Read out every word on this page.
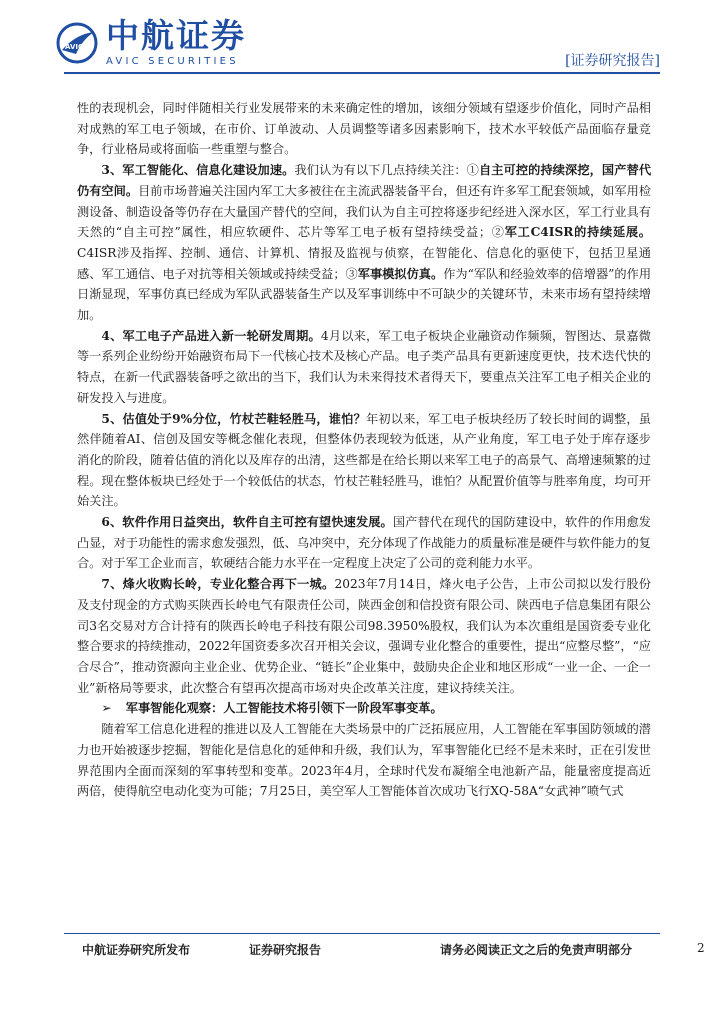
AVIC 中航证券
AVIC SECURITIES	[证券研究报告]

性的表现机会，同时伴随相关行业发展带来的未来确定性的增加，该细分领域有望逐步价值化，同时产品相对成熟的军工电子领域，在市价、订单波动、人员调整等诸多因素影响下，技术水平较低产品面临存量竞争，行业格局或将面临一些重塑与整合。

3、军工智能化、信息化建设加速。我们认为有以下几点持续关注：①自主可控的持续深挖，国产替代仍有空间。目前市场普遍关注国内军工大多被往在主流武器装备平台，但还有许多军工配套领域，如军用检测设备、制造设备等仍存在大量国产替代的空间，我们认为自主可控将逐步纪经进入深水区，军工行业具有天然的“自主可控”属性，相应软硬件、芯片等军工电子板有望持续受益；②军工C4ISR的持续延展。C4ISR涉及指挥、控制、通信、计算机、情报及监视与侦察，在智能化、信息化的驱使下，包括卫星通感、军工通信、电子对抗等相关领域或持续受益；③军事模拟仿真。作为“军队和经验效率的倍增器”的作用日渐显现，军事仿真已经成为军队武器装备生产以及军事训练中不可缺少的关键环节，未来市场有望持续增加。

4、军工电子产品进入新一轮研发周期。4月以来，军工电子板块企业融资动作频频，智图达、景嘉微等一系列企业纷纷开始融资布局下一代核心技术及核心产品。电子类产品具有更新速度更快，技术迭代快的特点，在新一代武器装备呼之欲出的当下，我们认为未来得技术者得天下，要重点关注军工电子相关企业的研发投入与进度。

5、估值处于9%分位，竹杖芒鞋轻胜马，谁怕？年初以来，军工电子板块经历了较长时间的调整，虽然伴随着AI、信创及国安等概念催化表现，但整体仍表现较为低迷，从产业角度，军工电子处于库存逐步消化的阶段，随着估值的消化以及库存的出清，这些都是在给长期以来军工电子的高景气、高增速频繁的过程。现在整体板块已经处于一个较低估的状态，竹杖芒鞋轻胜马，谁怕？从配置价值等与胜率角度，均可开始关注。

6、软件作用日益突出，软件自主可控有望快速发展。国产替代在现代的国防建设中，软件的作用愈发凸显，对于功能性的需求愈发强烈，低、乌冲突中，充分体现了作战能力的质量标准是硬件与软件能力的复合。对于军工企业而言，软硬结合能力水平在一定程度上决定了公司的竞利能力水平。

7、烽火收购长岭，专业化整合再下一城。2023年7月14日，烽火电子公告，上市公司拟以发行股份及支付现金的方式购买陕西长岭电气有限责任公司，陕西金创和信投资有限公司、陕西电子信息集团有限公司3名交易对方合计持有的陕西长岭电子科技有限公司98.3950%股权，我们认为本次重组是国资委专业化整合要求的持续推动，2022年国资委多次召开相关会议，强调专业化整合的重要性，提出“应整尽整”，“应合尽合”，推动资源向主业企业、优势企业、“链长”企业集中，鼓励央企企业和地区形成“一业一企、一企一业”新格局等要求，此次整合有望再次提高市场对央企改革关注度，建议持续关注。

➢ 军事智能化观察：人工智能技术将引领下一阶段军事变革。

随着军工信息化进程的推进以及人工智能在大类场景中的广泛拓展应用，人工智能在军事国防领域的潜力也开始被逐步挖掘，智能化是信息化的延伸和升级，我们认为，军事智能化已经不是未来时，正在引发世界范围内全面而深刻的军事转型和变革。2023年4月，全球时代发布凝缩全电池新产品，能量密度提高近两倍，使得航空电动化变为可能；7月25日，美空军人工智能体首次成功飞行XQ-58A“女武神”喷气式

中航证券研究所发布	证券研究报告	请务必阅读正文之后的免责声明部分	2
